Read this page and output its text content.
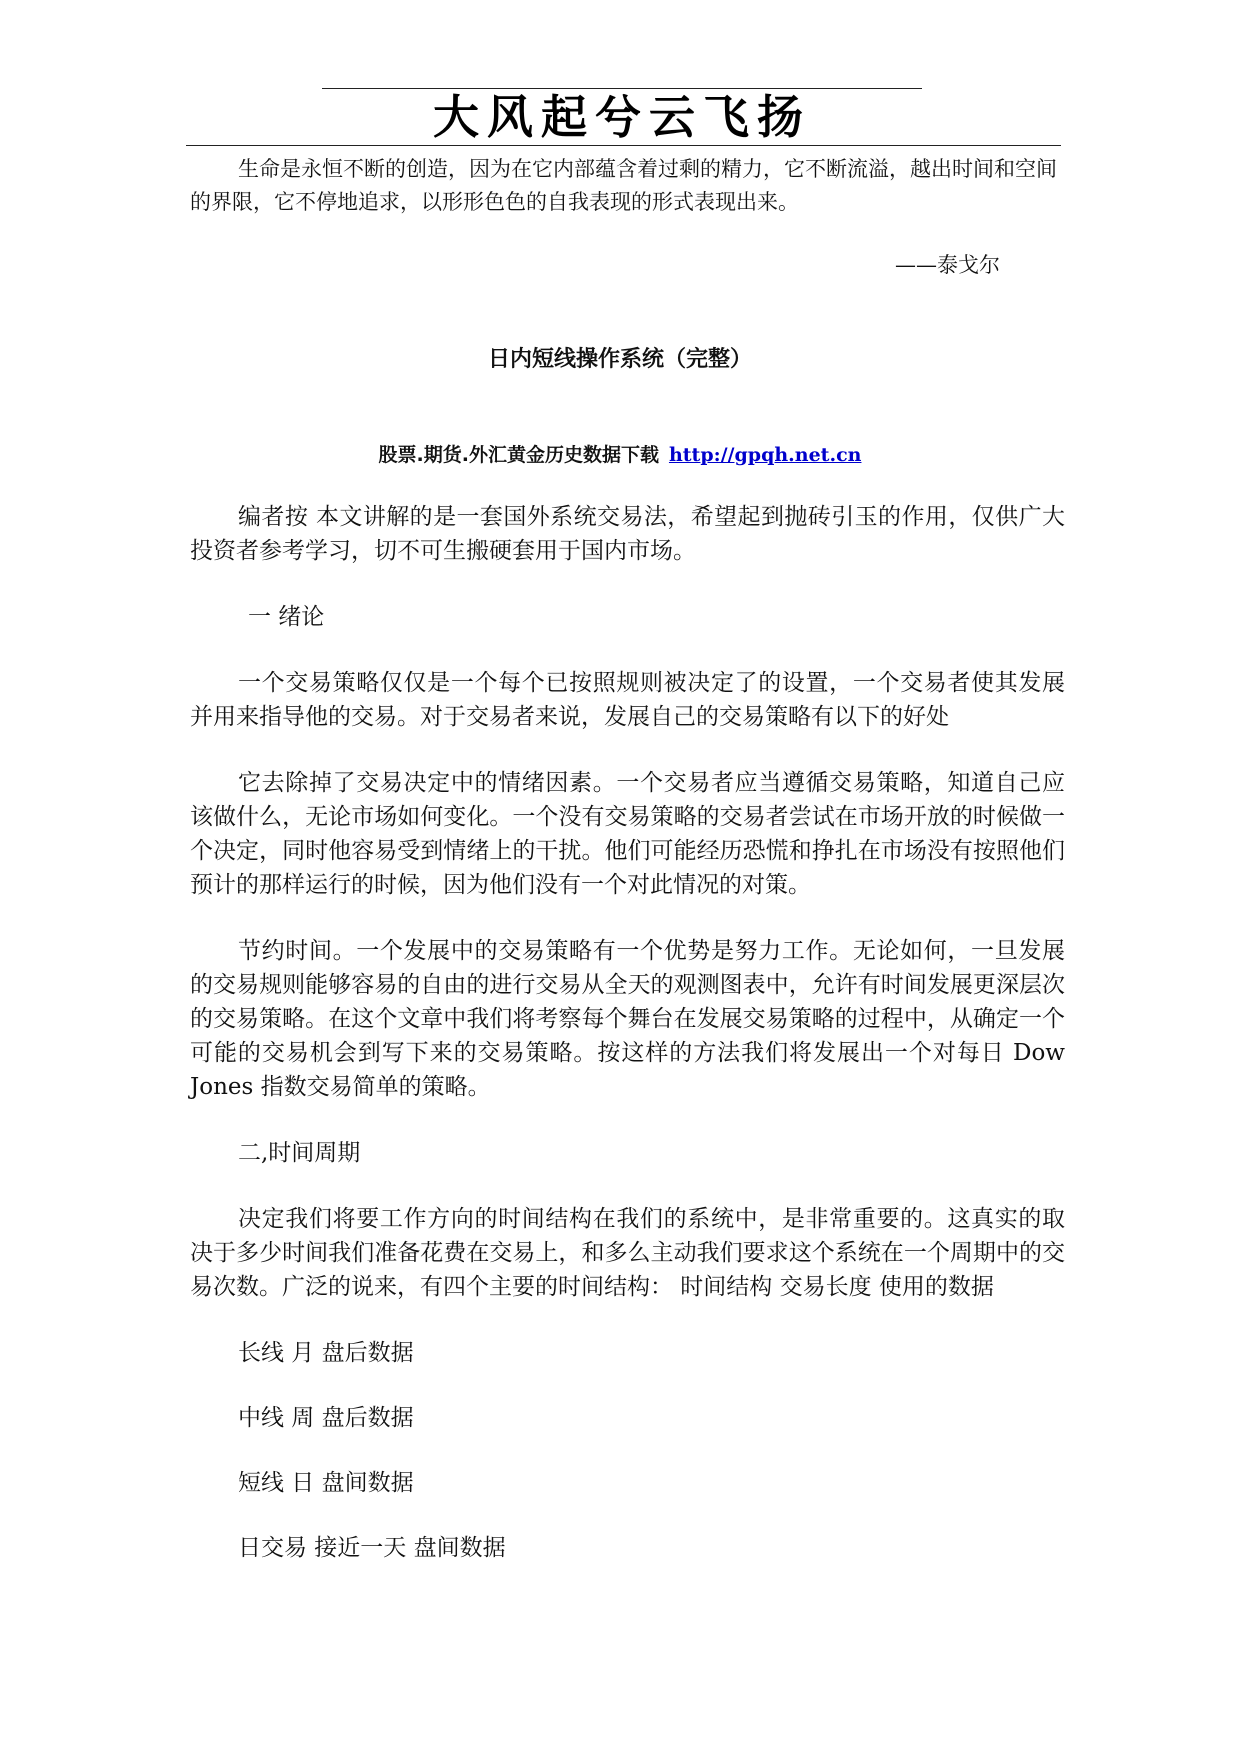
大风起兮云飞扬
生命是永恒不断的创造，因为在它内部蕴含着过剩的精力，它不断流溢，越出时间和空间的界限，它不停地追求，以形形色色的自我表现的形式表现出来。
——泰戈尔
日内短线操作系统（完整）
股票.期货.外汇黄金历史数据下载 http://gpqh.net.cn

编者按 本文讲解的是一套国外系统交易法，希望起到抛砖引玉的作用，仅供广大投资者参考学习，切不可生搬硬套用于国内市场。

一 绪论

一个交易策略仅仅是一个每个已按照规则被决定了的设置，一个交易者使其发展并用来指导他的交易。对于交易者来说，发展自己的交易策略有以下的好处

它去除掉了交易决定中的情绪因素。一个交易者应当遵循交易策略，知道自己应该做什么，无论市场如何变化。一个没有交易策略的交易者尝试在市场开放的时候做一个决定，同时他容易受到情绪上的干扰。他们可能经历恐慌和挣扎在市场没有按照他们预计的那样运行的时候，因为他们没有一个对此情况的对策。

节约时间。一个发展中的交易策略有一个优势是努力工作。无论如何，一旦发展的交易规则能够容易的自由的进行交易从全天的观测图表中，允许有时间发展更深层次的交易策略。在这个文章中我们将考察每个舞台在发展交易策略的过程中，从确定一个可能的交易机会到写下来的交易策略。按这样的方法我们将发展出一个对每日 Dow Jones 指数交易简单的策略。

二,时间周期

决定我们将要工作方向的时间结构在我们的系统中，是非常重要的。这真实的取决于多少时间我们准备花费在交易上，和多么主动我们要求这个系统在一个周期中的交易次数。广泛的说来，有四个主要的时间结构： 时间结构 交易长度 使用的数据

长线 月 盘后数据

中线 周 盘后数据

短线 日 盘间数据

日交易 接近一天 盘间数据
